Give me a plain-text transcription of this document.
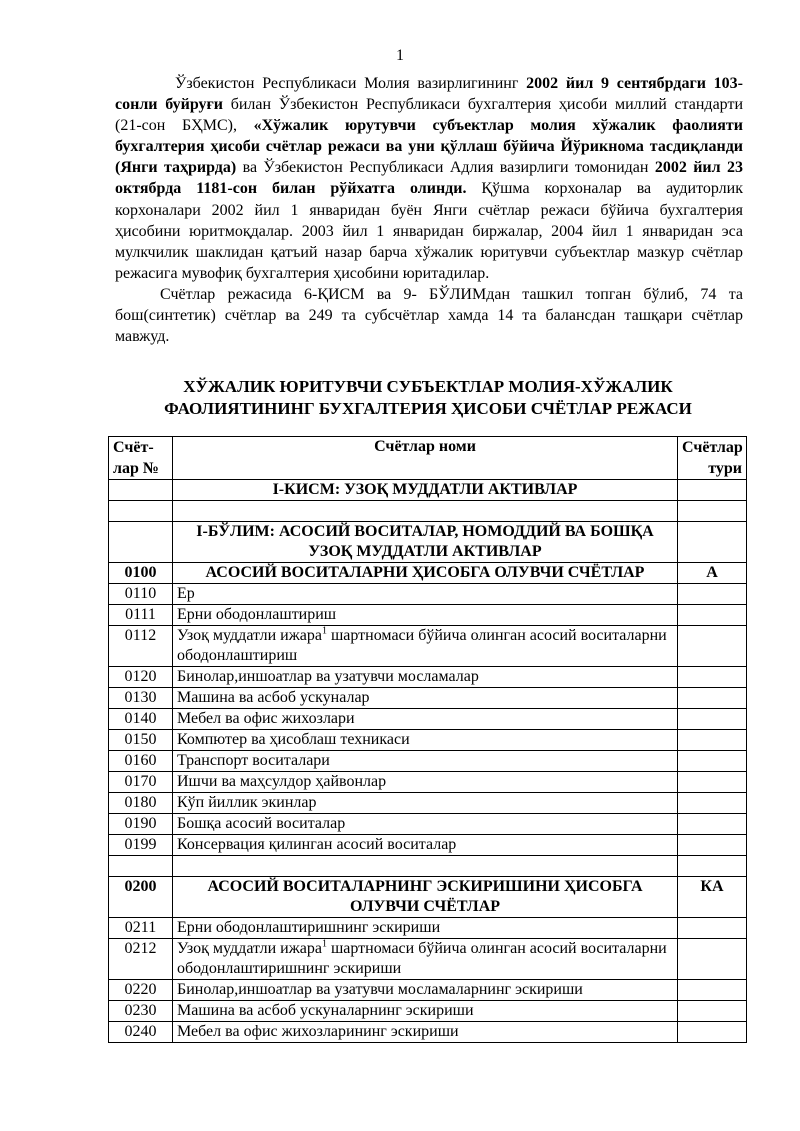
1

Ўзбекистон Республикаси Молия вазирлигининг 2002 йил 9 сентябрдаги 103-сонли буйруғи билан Ўзбекистон Республикаси бухгалтерия ҳисоби миллий стандарти (21-сон БҲМС), «Хўжалик юрутувчи субъектлар молия хўжалик фаолияти бухгалтерия ҳисоби счётлар режаси ва уни қўллаш бўйича Йўрикнома тасдиқланди (Янги таҳрирда) ва Ўзбекистон Республикаси Адлия вазирлиги томонидан 2002 йил 23 октябрда 1181-сон билан рўйхатга олинди. Қўшма корхоналар ва аудиторлик корхоналари 2002 йил 1 январидан буён Янги счётлар режаси бўйича бухгалтерия ҳисобини юритмоқдалар. 2003 йил 1 январидан биржалар, 2004 йил 1 январидан эса мулкчилик шаклидан қатъий назар барча хўжалик юритувчи субъектлар мазкур счётлар режасига мувофиқ бухгалтерия ҳисобини юритадилар.

Счётлар режасида 6-ҚИСМ ва 9- БЎЛИМдан ташкил топган бўлиб, 74 та бош(синтетик) счётлар ва 249 та субсчётлар хамда 14 та балансдан ташқари счётлар мавжуд.

ХЎЖАЛИК ЮРИТУВЧИ СУБЪЕКТЛАР МОЛИЯ-ХЎЖАЛИК
ФАОЛИЯТИНИНГ БУХГАЛТЕРИЯ ҲИСОБИ СЧЁТЛАР РЕЖАСИ
Счёт-
лар №	Счётлар номи	Счётлар
тури
	I-КИСМ: УЗОҚ МУДДАТЛИ АКТИВЛАР	

	I-БЎЛИМ: АСОСИЙ ВОСИТАЛАР, НОМОДДИЙ ВА БОШҚА УЗОҚ МУДДАТЛИ АКТИВЛАР	
0100	АСОСИЙ ВОСИТАЛАРНИ ҲИСОБГА ОЛУВЧИ СЧЁТЛАР	А
0110	Ер	
0111	Ерни ободонлаштириш	
0112	Узоқ муддатли ижара$^1$ шартномаси бўйича олинган асосий воситаларни ободонлаштириш	
0120	Бинолар,иншоатлар ва узатувчи мосламалар	
0130	Машина ва асбоб ускуналар	
0140	Мебел ва офис жихозлари	
0150	Компютер ва ҳисоблаш техникаси	
0160	Транспорт воситалари	
0170	Ишчи ва маҳсулдор ҳайвонлар	
0180	Кўп йиллик экинлар	
0190	Бошқа асосий воситалар	
0199	Консервация қилинган асосий воситалар	

0200	АСОСИЙ ВОСИТАЛАРНИНГ ЭСКИРИШИНИ ҲИСОБГА ОЛУВЧИ СЧЁТЛАР	КА
0211	Ерни ободонлаштиришнинг эскириши	
0212	Узоқ муддатли ижара$^1$ шартномаси бўйича олинган асосий воситаларни ободонлаштиришнинг эскириши	
0220	Бинолар,иншоатлар ва узатувчи мосламаларнинг эскириши	
0230	Машина ва асбоб ускуналарнинг эскириши	
0240	Мебел ва офис жихозларининг эскириши	
